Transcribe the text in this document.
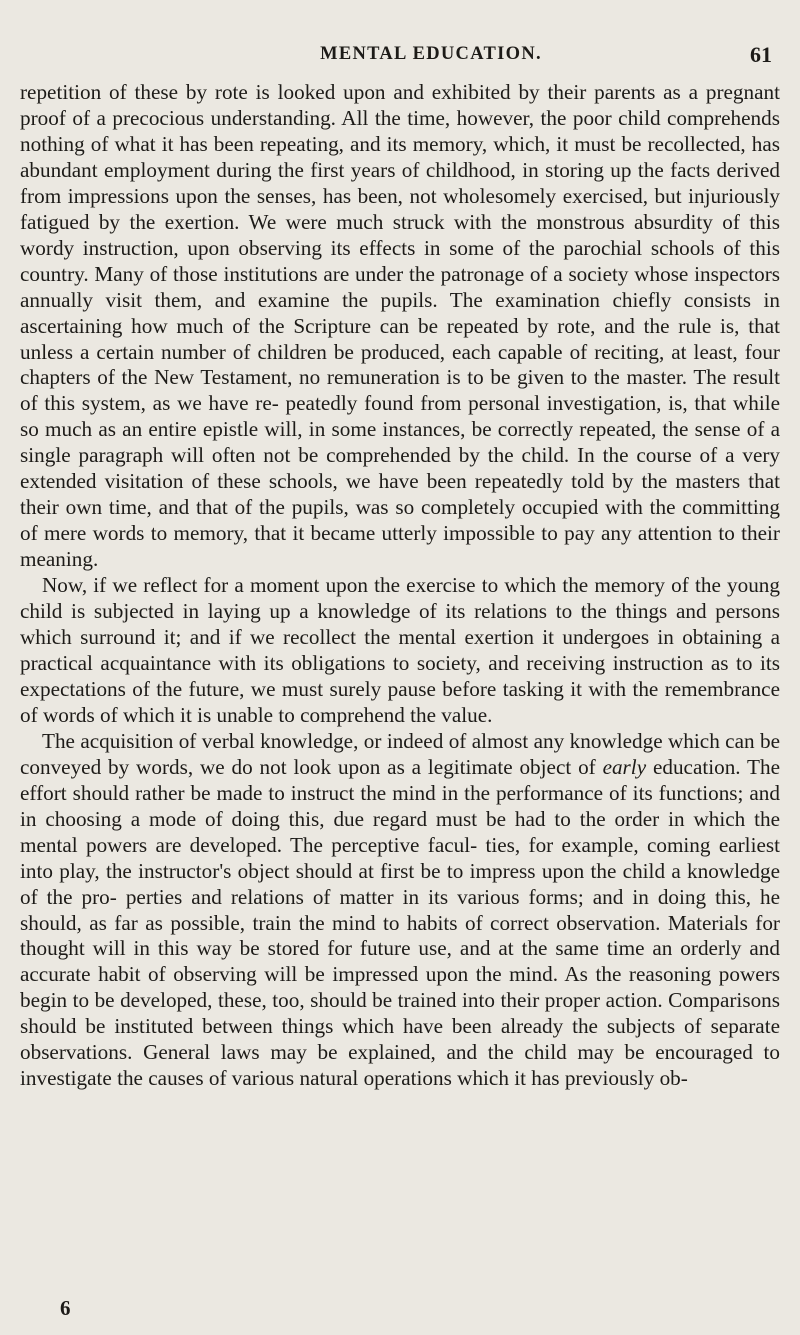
MENTAL EDUCATION.	61

repetition of these by rote is looked upon and exhibited by their parents as a pregnant proof of a precocious understanding. All the time, however, the poor child comprehends nothing of what it has been repeating, and its memory, which, it must be recollected, has abundant employment during the first years of childhood, in storing up the facts derived from impressions upon the senses, has been, not wholesomely exercised, but injuriously fatigued by the exertion. We were much struck with the monstrous absurdity of this wordy instruction, upon observing its effects in some of the parochial schools of this country. Many of those institutions are under the patronage of a society whose inspectors annually visit them, and examine the pupils. The examination chiefly consists in ascertaining how much of the Scripture can be repeated by rote, and the rule is, that unless a certain number of children be produced, each capable of reciting, at least, four chapters of the New Testament, no remuneration is to be given to the master. The result of this system, as we have re- peatedly found from personal investigation, is, that while so much as an entire epistle will, in some instances, be correctly repeated, the sense of a single paragraph will often not be comprehended by the child. In the course of a very extended visitation of these schools, we have been repeatedly told by the masters that their own time, and that of the pupils, was so completely occupied with the committing of mere words to memory, that it became utterly impossible to pay any attention to their meaning.

Now, if we reflect for a moment upon the exercise to which the memory of the young child is subjected in laying up a knowledge of its relations to the things and persons which surround it; and if we recollect the mental exertion it undergoes in obtaining a practical acquaintance with its obligations to society, and receiving instruction as to its expectations of the future, we must surely pause before tasking it with the remembrance of words of which it is unable to comprehend the value.

The acquisition of verbal knowledge, or indeed of almost any knowledge which can be conveyed by words, we do not look upon as a legitimate object of early education. The effort should rather be made to instruct the mind in the performance of its functions; and in choosing a mode of doing this, due regard must be had to the order in which the mental powers are developed. The perceptive facul- ties, for example, coming earliest into play, the instructor's object should at first be to impress upon the child a knowledge of the pro- perties and relations of matter in its various forms; and in doing this, he should, as far as possible, train the mind to habits of correct observation. Materials for thought will in this way be stored for future use, and at the same time an orderly and accurate habit of observing will be impressed upon the mind. As the reasoning powers begin to be developed, these, too, should be trained into their proper action. Comparisons should be instituted between things which have been already the subjects of separate observations. General laws may be explained, and the child may be encouraged to investigate the causes of various natural operations which it has previously ob-

6
